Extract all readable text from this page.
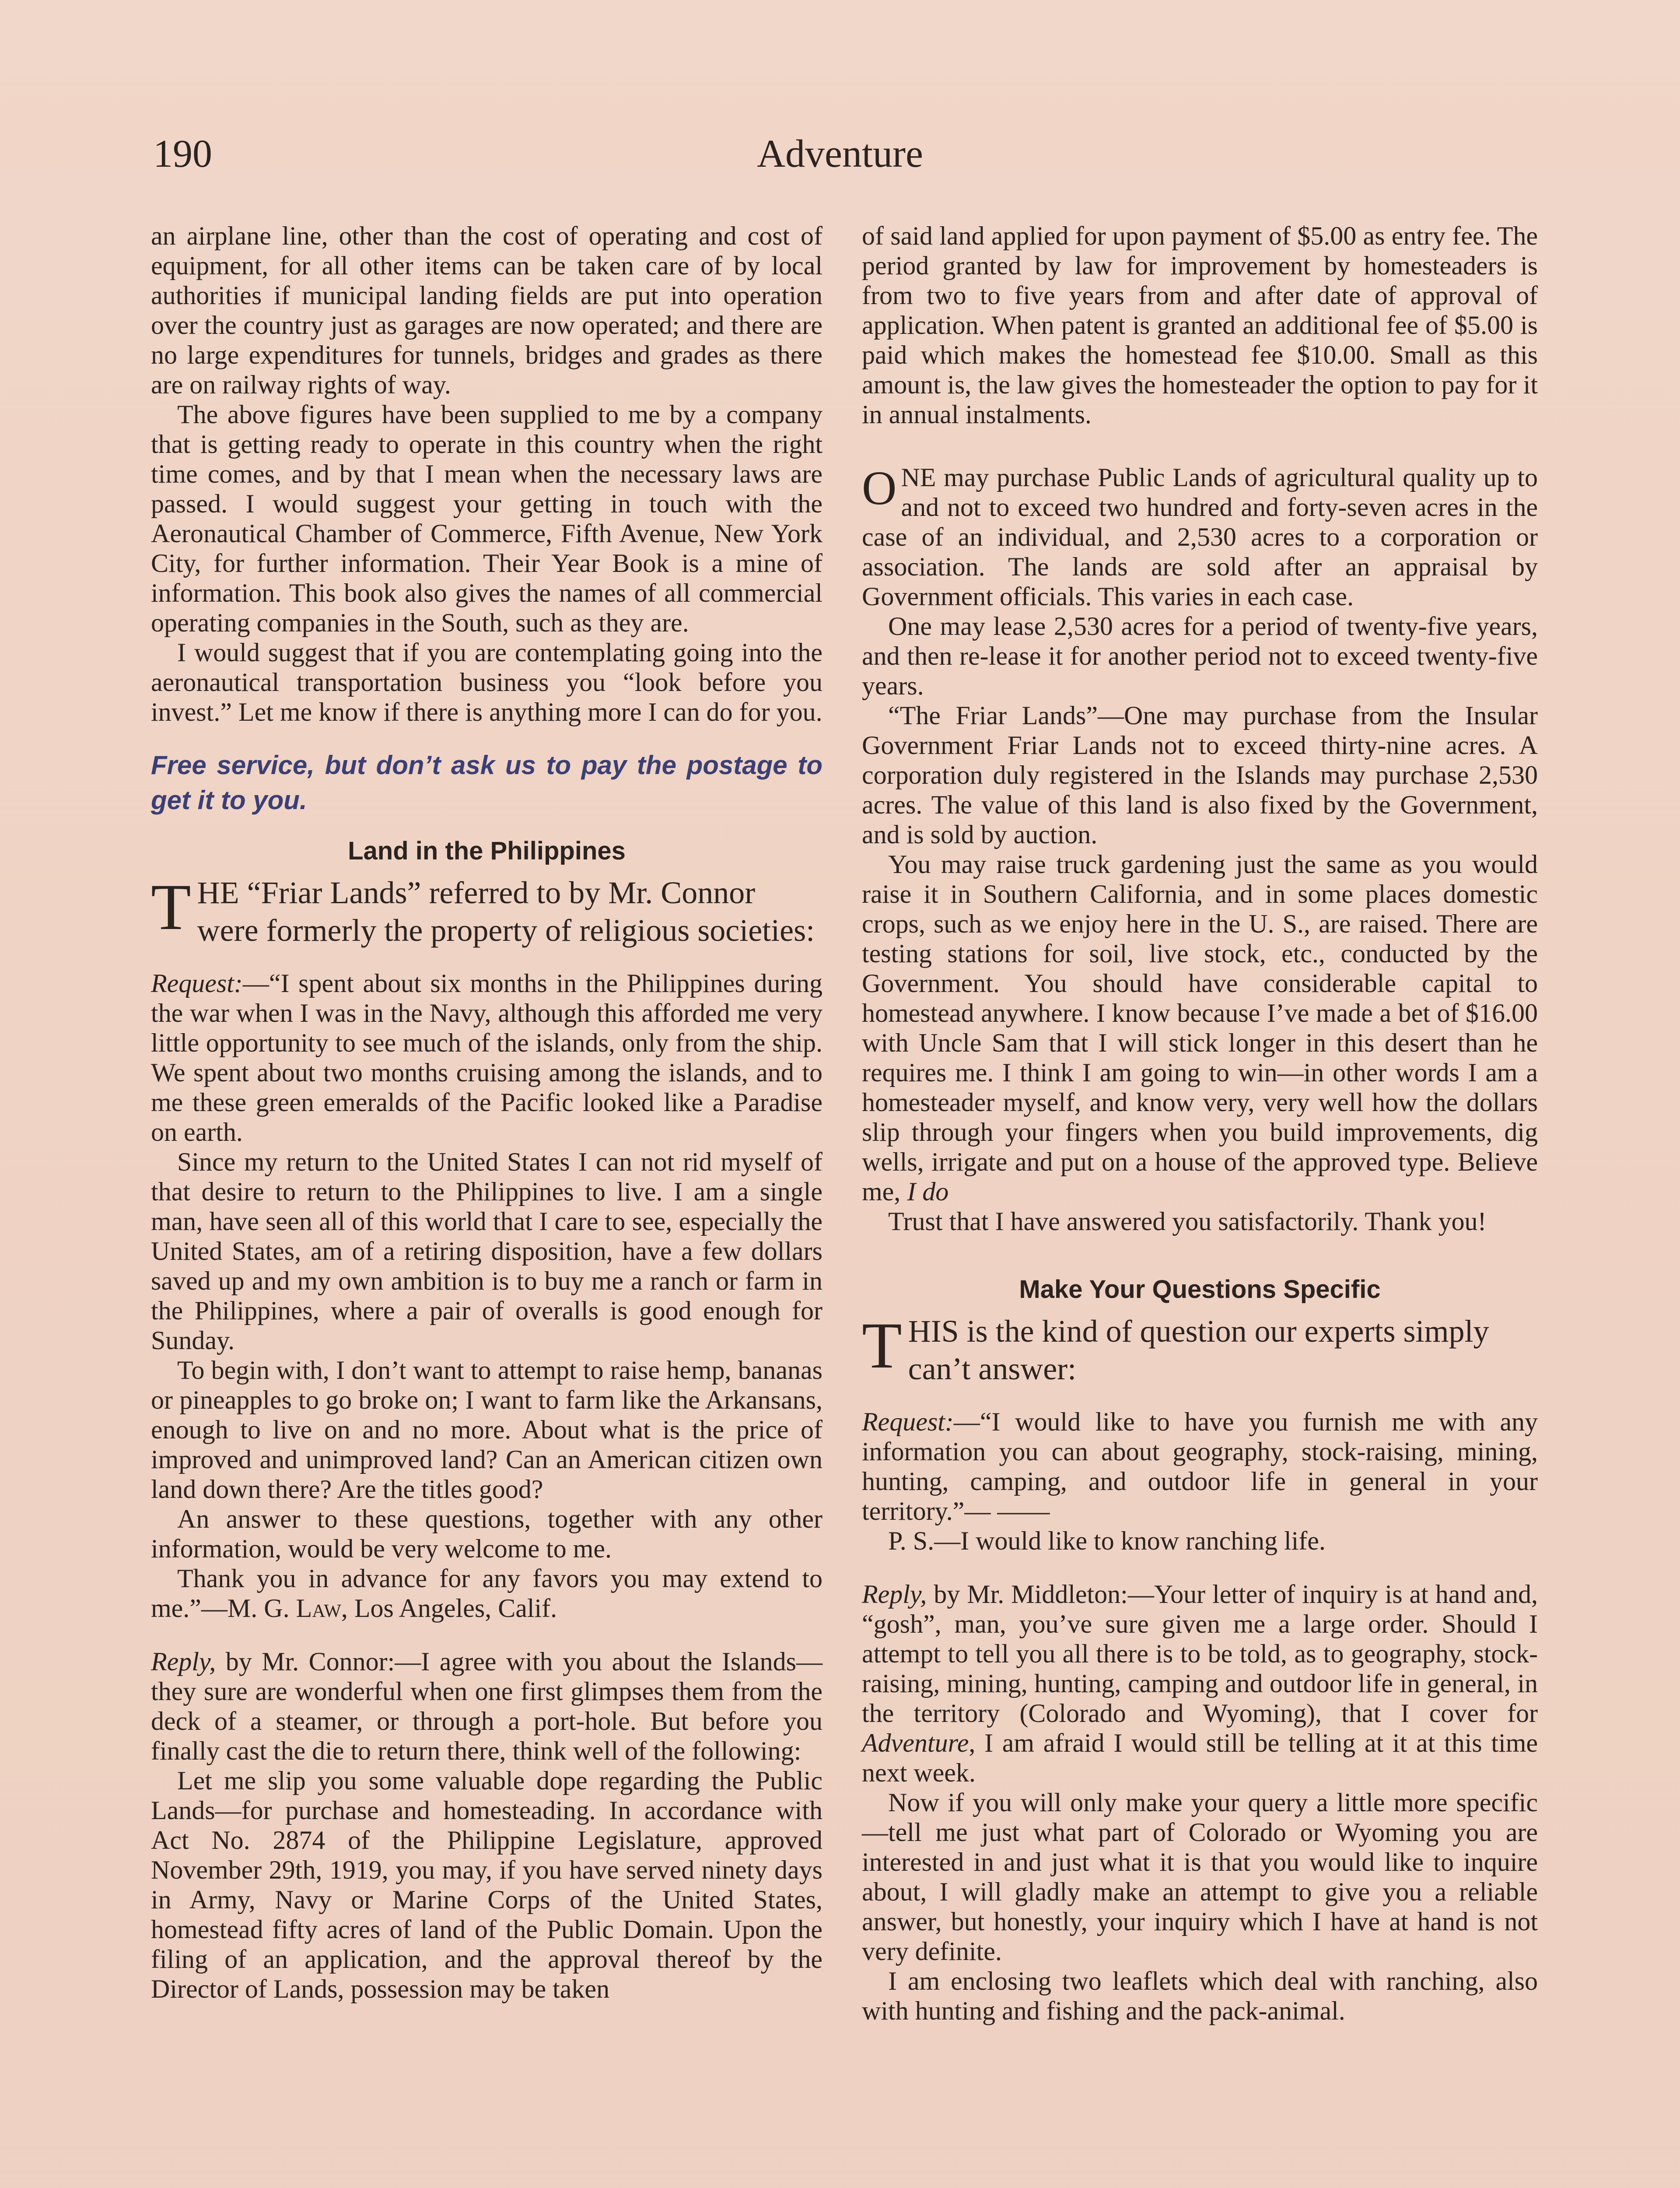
190	Adventure

an airplane line, other than the cost of operating and cost of equipment, for all other items can be taken care of by local authorities if municipal landing fields are put into operation over the country just as garages are now operated; and there are no large expenditures for tunnels, bridges and grades as there are on railway rights of way.

The above figures have been supplied to me by a company that is getting ready to operate in this country when the right time comes, and by that I mean when the necessary laws are passed. I would suggest your getting in touch with the Aeronautical Chamber of Commerce, Fifth Avenue, New York City, for further information. Their Year Book is a mine of information. This book also gives the names of all commercial operating companies in the South, such as they are.

I would suggest that if you are contemplating going into the aeronautical transportation business you “look before you invest.” Let me know if there is anything more I can do for you.

Free service, but don’t ask us to pay the postage to get it to you.
Land in the Philippines
THE “Friar Lands” referred to by Mr. Connor were formerly the property of religious societies:

Request:—“I spent about six months in the Philippines during the war when I was in the Navy, although this afforded me very little opportunity to see much of the islands, only from the ship. We spent about two months cruising among the islands, and to me these green emeralds of the Pacific looked like a Paradise on earth.

Since my return to the United States I can not rid myself of that desire to return to the Philippines to live. I am a single man, have seen all of this world that I care to see, especially the United States, am of a retiring disposition, have a few dollars saved up and my own ambition is to buy me a ranch or farm in the Philippines, where a pair of overalls is good enough for Sunday.

To begin with, I don’t want to attempt to raise hemp, bananas or pineapples to go broke on; I want to farm like the Arkansans, enough to live on and no more. About what is the price of improved and unimproved land? Can an American citizen own land down there? Are the titles good?

An answer to these questions, together with any other information, would be very welcome to me.

Thank you in advance for any favors you may extend to me.”—M. G. Law, Los Angeles, Calif.

Reply, by Mr. Connor:—I agree with you about the Islands—they sure are wonderful when one first glimpses them from the deck of a steamer, or through a port-hole. But before you finally cast the die to return there, think well of the following:

Let me slip you some valuable dope regarding the Public Lands—for purchase and homesteading. In accordance with Act No. 2874 of the Philippine Legislature, approved November 29th, 1919, you may, if you have served ninety days in Army, Navy or Marine Corps of the United States, homestead fifty acres of land of the Public Domain. Upon the filing of an application, and the approval thereof by the Director of Lands, possession may be taken

of said land applied for upon payment of $5.00 as entry fee. The period granted by law for improvement by homesteaders is from two to five years from and after date of approval of application. When patent is granted an additional fee of $5.00 is paid which makes the homestead fee $10.00. Small as this amount is, the law gives the homesteader the option to pay for it in annual instalments.

ONE may purchase Public Lands of agricultural quality up to and not to exceed two hundred and forty-seven acres in the case of an individual, and 2,530 acres to a corporation or association. The lands are sold after an appraisal by Government officials. This varies in each case.

One may lease 2,530 acres for a period of twenty-five years, and then re-lease it for another period not to exceed twenty-five years.

“The Friar Lands”—One may purchase from the Insular Government Friar Lands not to exceed thirty-nine acres. A corporation duly registered in the Islands may purchase 2,530 acres. The value of this land is also fixed by the Government, and is sold by auction.

You may raise truck gardening just the same as you would raise it in Southern California, and in some places domestic crops, such as we enjoy here in the U. S., are raised. There are testing stations for soil, live stock, etc., conducted by the Government. You should have considerable capital to homestead anywhere. I know because I’ve made a bet of $16.00 with Uncle Sam that I will stick longer in this desert than he requires me. I think I am going to win—in other words I am a homesteader myself, and know very, very well how the dollars slip through your fingers when you build improvements, dig wells, irrigate and put on a house of the approved type. Believe me, I do

Trust that I have answered you satisfactorily. Thank you!

Make Your Questions Specific
THIS is the kind of question our experts simply can’t answer:

Request:—“I would like to have you furnish me with any information you can about geography, stock-raising, mining, hunting, camping, and outdoor life in general in your territory.”— ——

P. S.—I would like to know ranching life.

Reply, by Mr. Middleton:—Your letter of inquiry is at hand and, “gosh”, man, you’ve sure given me a large order. Should I attempt to tell you all there is to be told, as to geography, stock-raising, mining, hunting, camping and outdoor life in general, in the territory (Colorado and Wyoming), that I cover for Adventure, I am afraid I would still be telling at it at this time next week.

Now if you will only make your query a little more specific—tell me just what part of Colorado or Wyoming you are interested in and just what it is that you would like to inquire about, I will gladly make an attempt to give you a reliable answer, but honestly, your inquiry which I have at hand is not very definite.

I am enclosing two leaflets which deal with ranching, also with hunting and fishing and the pack-animal.
